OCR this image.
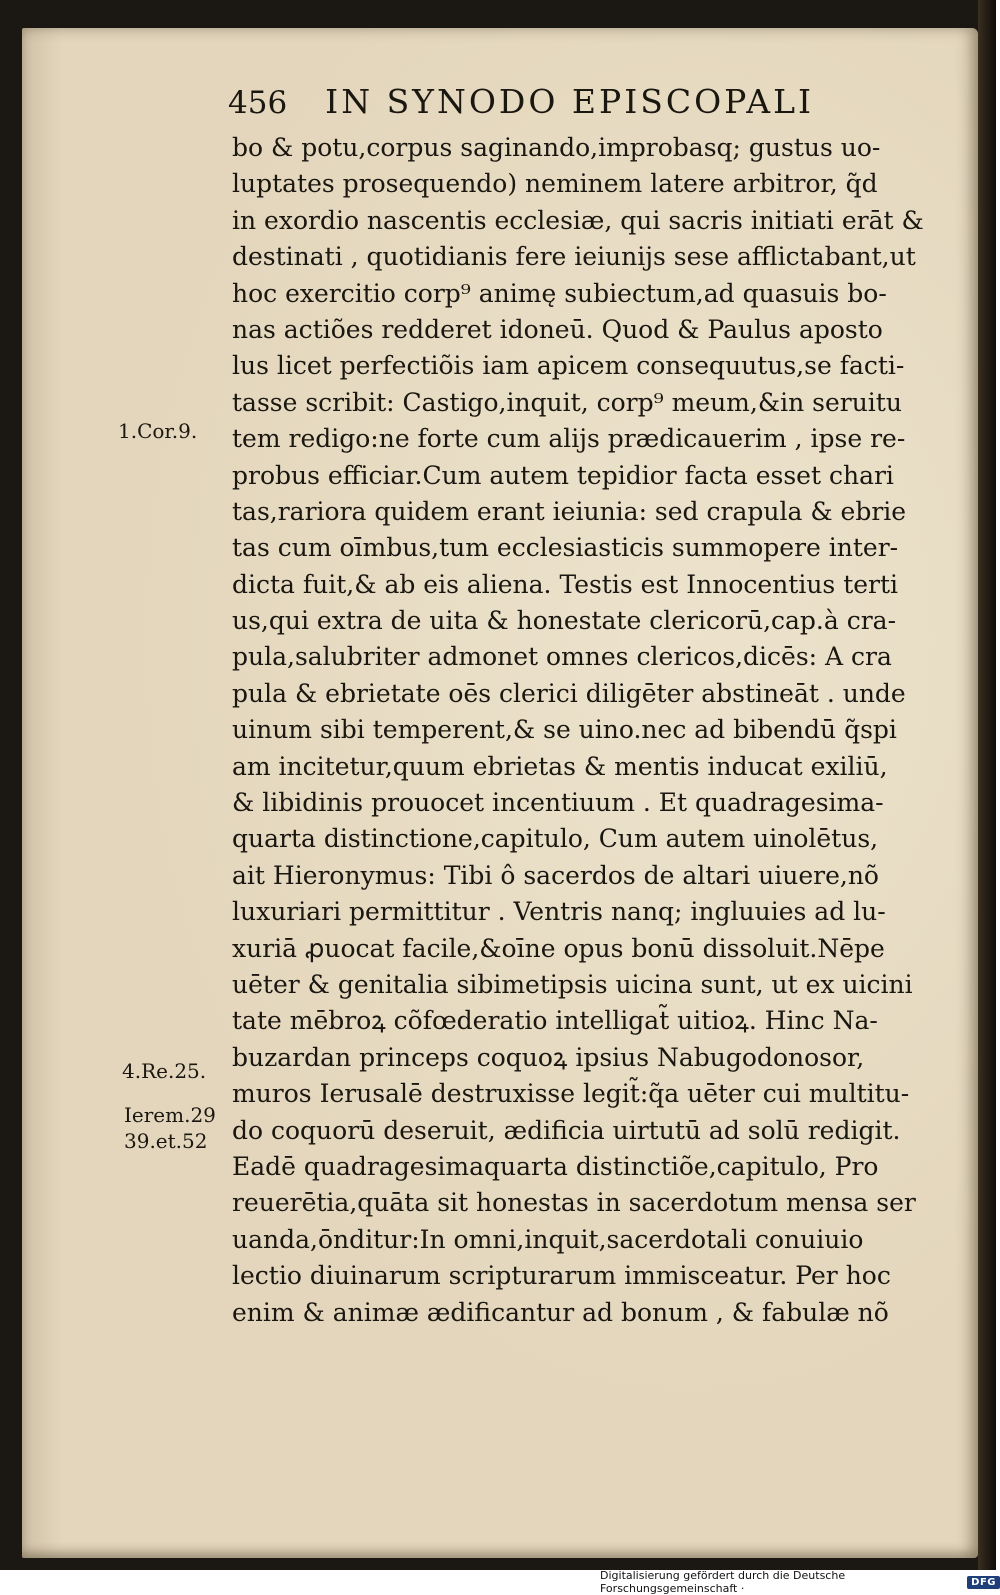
456 IN SYNODO EPISCOPALI
bo & potu,corpus saginando,improbasq; gustus uo-
luptates prosequendo) neminem latere arbitror, q̃d
in exordio nascentis ecclesiæ, qui sacris initiati erāt &
destinati , quotidianis fere ieiunijs sese afflictabant,ut
hoc exercitio corp⁹ animę subiectum,ad quasuis bo-
nas actiões redderet idoneū. Quod & Paulus aposto
lus licet perfectiõis iam apicem consequutus,se facti-
tasse scribit: Castigo,inquit, corp⁹ meum,&in seruitu
tem redigo:ne forte cum alijs prædicauerim , ipse re-
probus efficiar.Cum autem tepidior facta esset chari
tas,rariora quidem erant ieiunia: sed crapula & ebrie
tas cum oīmbus,tum ecclesiasticis summopere inter-
dicta fuit,& ab eis aliena. Testis est Innocentius terti
us,qui extra de uita & honestate clericorū,cap.à cra-
pula,salubriter admonet omnes clericos,dicēs: A cra
pula & ebrietate oēs clerici diligēter abstineāt . unde
uinum sibi temperent,& se uino.nec ad bibendū q̃spi
am incitetur,quum ebrietas & mentis inducat exiliū,
& libidinis prouocet incentiuum . Et quadragesima-
quarta distinctione,capitulo, Cum autem uinolētus,
ait Hieronymus: Tibi ô sacerdos de altari uiuere,nõ
luxuriari permittitur . Ventris nanq; ingluuies ad lu-
xuriā ꝓuocat facile,&oīne opus bonū dissoluit.Nēpe
uēter & genitalia sibimetipsis uicina sunt, ut ex uicini
tate mēbroꝝ cõfœderatio intelligat̃ uitioꝝ. Hinc Na-
buzardan princeps coquoꝝ ipsius Nabugodonosor,
muros Ierusalē destruxisse legit̃:q̃a uēter cui multitu-
do coquorū deseruit, ædificia uirtutū ad solū redigit.
Eadē quadragesimaquarta distinctiõe,capitulo, Pro
reuerētia,quāta sit honestas in sacerdotum mensa ser
uanda,ōnditur:In omni,inquit,sacerdotali conuiuio
lectio diuinarum scripturarum immisceatur. Per hoc
enim & animæ ædificantur ad bonum , & fabulæ nõ
1.Cor.9.
4.Re.25.
Ierem.29
39.et.52
Digitalisierung gefördert durch die Deutsche Forschungsgemeinschaft ·	DFG
